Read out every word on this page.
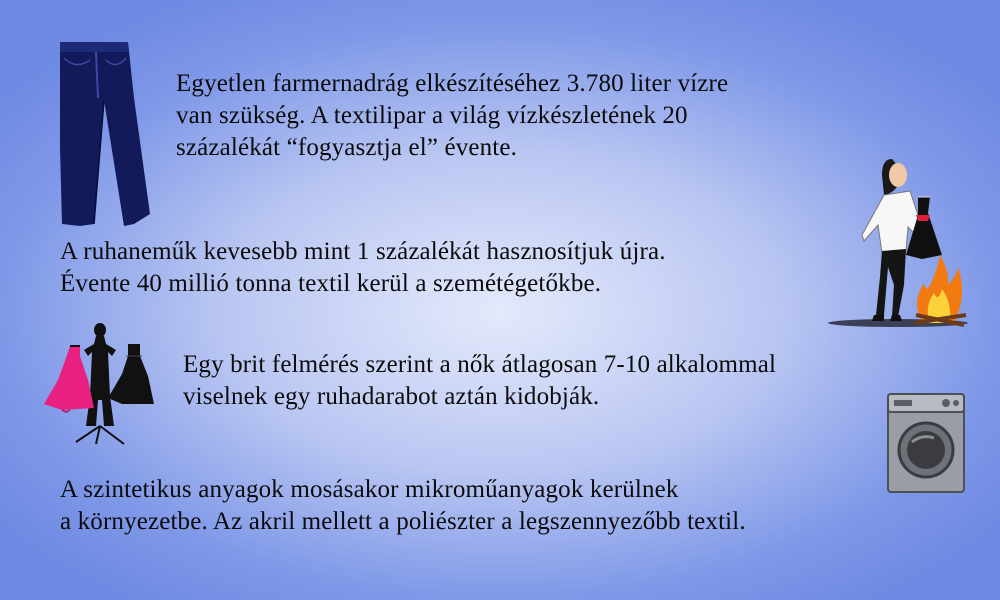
Egyetlen farmernadrág elkészítéséhez 3.780 liter vízre
van szükség. A textilipar a világ vízkészletének 20
százalékát “fogyasztja el” évente.
A ruhaneműk kevesebb mint 1 százalékát hasznosítjuk újra.
Évente 40 millió tonna textil kerül a szemétégetőkbe.
Egy brit felmérés szerint a nők átlagosan 7-10 alkalommal
viselnek egy ruhadarabot aztán kidobják.
A szintetikus anyagok mosásakor mikroműanyagok kerülnek
a környezetbe. Az akril mellett a poliészter a legszennyezőbb textil.
